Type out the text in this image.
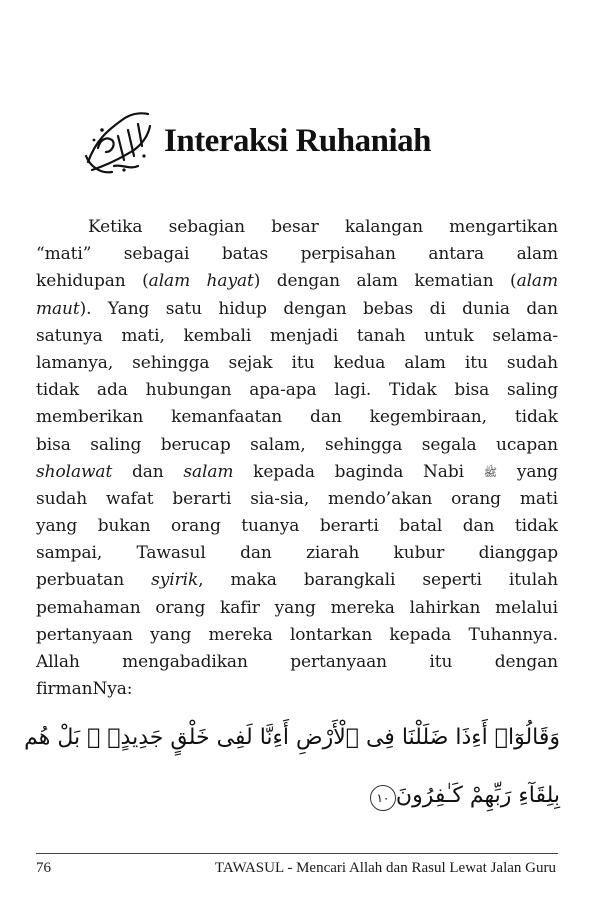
Interaksi Ruhaniah
Ketika sebagian besar kalangan mengartikan
“mati” sebagai batas perpisahan antara alam
kehidupan (alam hayat) dengan alam kematian (alam
maut). Yang satu hidup dengan bebas di dunia dan
satunya mati, kembali menjadi tanah untuk selama-
lamanya, sehingga sejak itu kedua alam itu sudah
tidak ada hubungan apa-apa lagi. Tidak bisa saling
memberikan kemanfaatan dan kegembiraan, tidak
bisa saling berucap salam, sehingga segala ucapan
sholawat dan salam kepada baginda Nabi ﷺ yang
sudah wafat berarti sia-sia, mendo’akan orang mati
yang bukan orang tuanya berarti batal dan tidak
sampai, Tawasul dan ziarah kubur dianggap
perbuatan syirik, maka barangkali seperti itulah
pemahaman orang kafir yang mereka lahirkan melalui
pertanyaan yang mereka lontarkan kepada Tuhannya.
Allah mengabadikan pertanyaan itu dengan
firmanNya:
وَقَالُوٓا۟ أَءِذَا ضَلَلْنَا فِى ٱلْأَرْضِ أَءِنَّا لَفِى خَلْقٍ جَدِيدٍۭ ۚ بَلْ هُم
بِلِقَآءِ رَبِّهِمْ كَـٰفِرُونَ١٠
76	TAWASUL - Mencari Allah dan Rasul Lewat Jalan Guru
